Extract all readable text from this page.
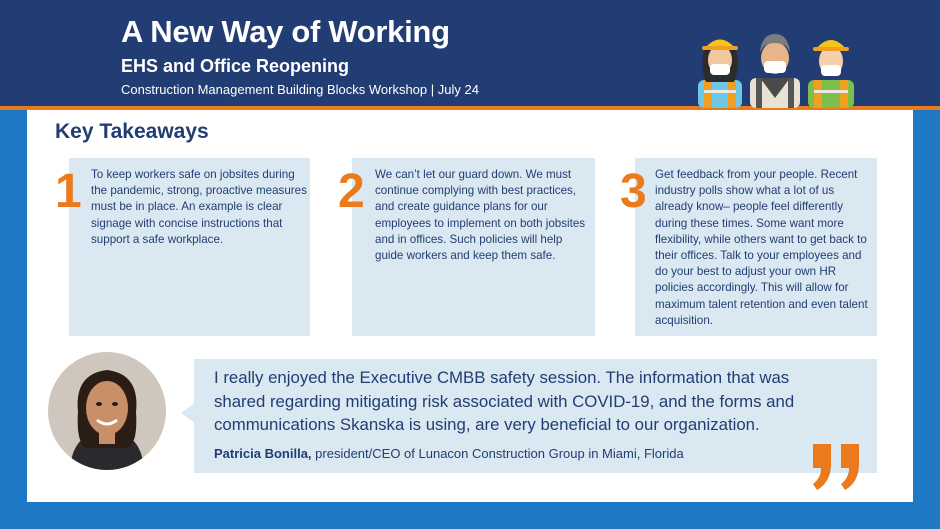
A New Way of Working
EHS and Office Reopening
Construction Management Building Blocks Workshop | July 24
Key Takeaways
1	2	3
To keep workers safe on jobsites during the pandemic, strong, proactive measures must be in place. An example is clear signage with concise instructions that support a safe workplace.
We can’t let our guard down. We must continue complying with best practices, and create guidance plans for our employees to implement on both jobsites and in offices. Such policies will help guide workers and keep them safe.
Get feedback from your people. Recent industry polls show what a lot of us already know– people feel differently during these times. Some want more flexibility, while others want to get back to their offices. Talk to your employees and do your best to adjust your own HR policies accordingly. This will allow for maximum talent retention and even talent acquisition.
I really enjoyed the Executive CMBB safety session. The information that was shared regarding mitigating risk associated with COVID-19, and the forms and communications Skanska is using, are very beneficial to our organization.
Patricia Bonilla, president/CEO of Lunacon Construction Group in Miami, Florida
